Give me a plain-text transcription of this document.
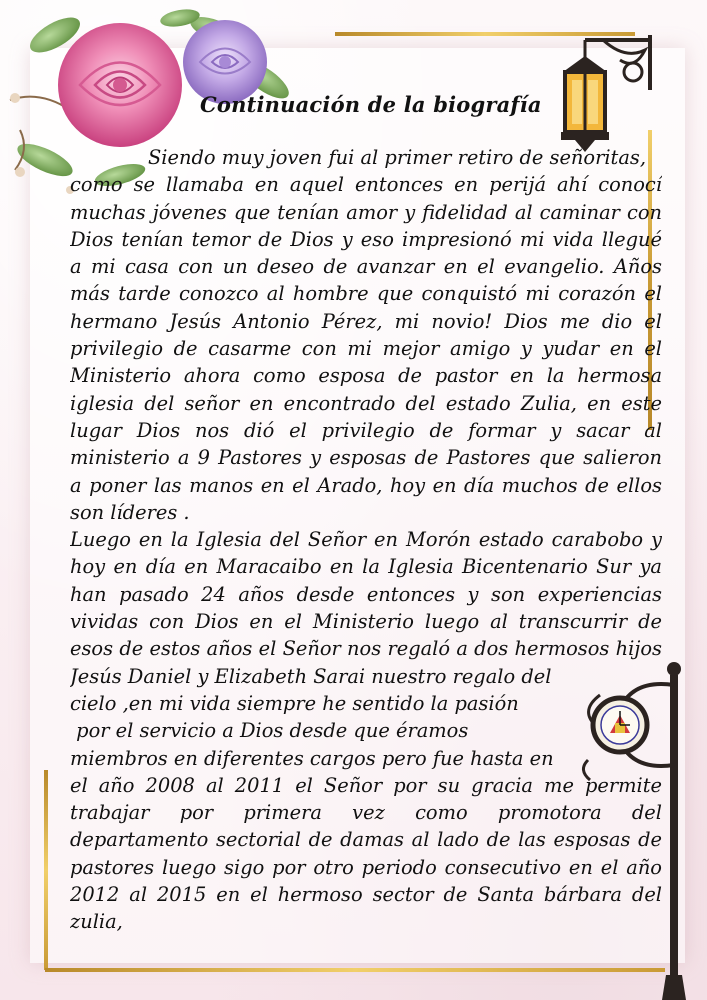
Continuación de la biografía
Siendo muy joven fui al primer retiro de señoritas,
como se llamaba en aquel entonces en perijá ahí conocí
muchas jóvenes que tenían amor y fidelidad al caminar con
Dios tenían temor de Dios y eso impresionó mi vida llegué
a mi casa con un deseo de avanzar en el evangelio. Años
más tarde conozco al hombre que conquistó mi corazón el
hermano Jesús Antonio Pérez, mi novio! Dios me dio el
privilegio de casarme con mi mejor amigo y yudar en el
Ministerio ahora como esposa de pastor en la hermosa
iglesia del señor en encontrado del estado Zulia, en este
lugar Dios nos dió el privilegio de formar y sacar al
ministerio a 9 Pastores y esposas de Pastores que salieron
a poner las manos en el Arado, hoy en día muchos de ellos
son líderes .
Luego en la Iglesia del Señor en Morón estado carabobo y
hoy en día en Maracaibo en la Iglesia Bicentenario Sur ya
han pasado 24 años desde entonces y son experiencias
vividas con Dios en el Ministerio luego al transcurrir de
esos de estos años el Señor nos regaló a dos hermosos hijos
Jesús Daniel y Elizabeth Sarai nuestro regalo del
cielo ,en mi vida siempre he sentido la pasión
por el servicio a Dios desde que éramos
miembros en diferentes cargos pero fue hasta en
el año 2008 al 2011 el Señor por su gracia me permite
trabajar por primera vez como promotora del
departamento sectorial de damas al lado de las esposas de
pastores luego sigo por otro periodo consecutivo en el año
2012 al 2015 en el hermoso sector de Santa bárbara del
zulia,
